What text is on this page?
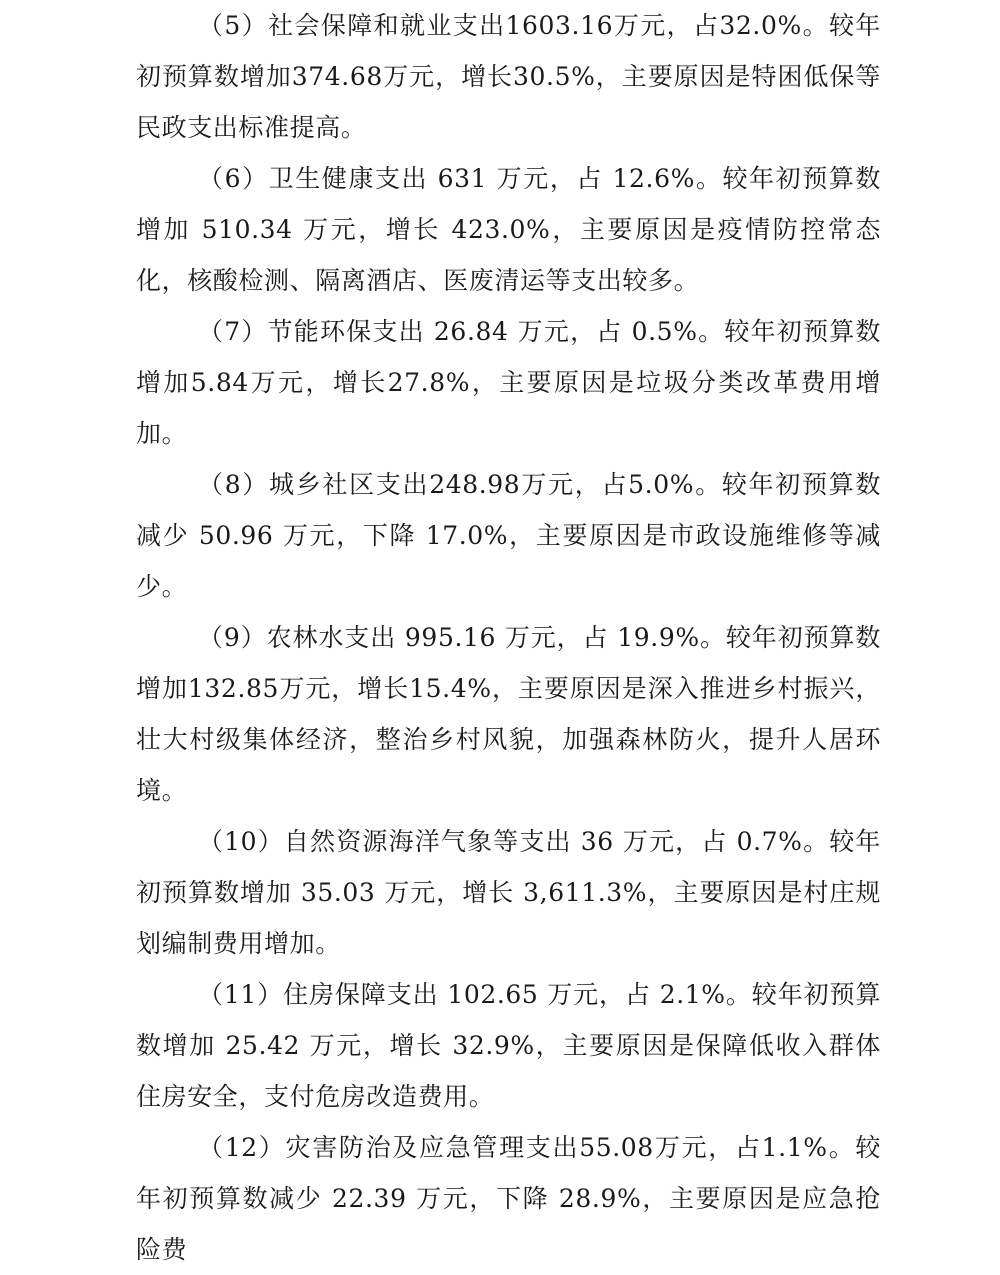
（5）社会保障和就业支出1603.16万元，占32.0%。较年初预算数增加374.68万元，增长30.5%，主要原因是特困低保等民政支出标准提高。

（6）卫生健康支出 631 万元，占 12.6%。较年初预算数增加 510.34 万元，增长 423.0%，主要原因是疫情防控常态化，核酸检测、隔离酒店、医废清运等支出较多。

（7）节能环保支出 26.84 万元，占 0.5%。较年初预算数增加5.84万元，增长27.8%，主要原因是垃圾分类改革费用增加。

（8）城乡社区支出248.98万元，占5.0%。较年初预算数减少 50.96 万元，下降 17.0%，主要原因是市政设施维修等减少。

（9）农林水支出 995.16 万元，占 19.9%。较年初预算数增加132.85万元，增长15.4%，主要原因是深入推进乡村振兴，壮大村级集体经济，整治乡村风貌，加强森林防火，提升人居环境。

（10）自然资源海洋气象等支出 36 万元，占 0.7%。较年初预算数增加 35.03 万元，增长 3,611.3%，主要原因是村庄规划编制费用增加。

（11）住房保障支出 102.65 万元，占 2.1%。较年初预算数增加 25.42 万元，增长 32.9%，主要原因是保障低收入群体住房安全，支付危房改造费用。

（12）灾害防治及应急管理支出55.08万元，占1.1%。较年初预算数减少 22.39 万元，下降 28.9%，主要原因是应急抢险费
